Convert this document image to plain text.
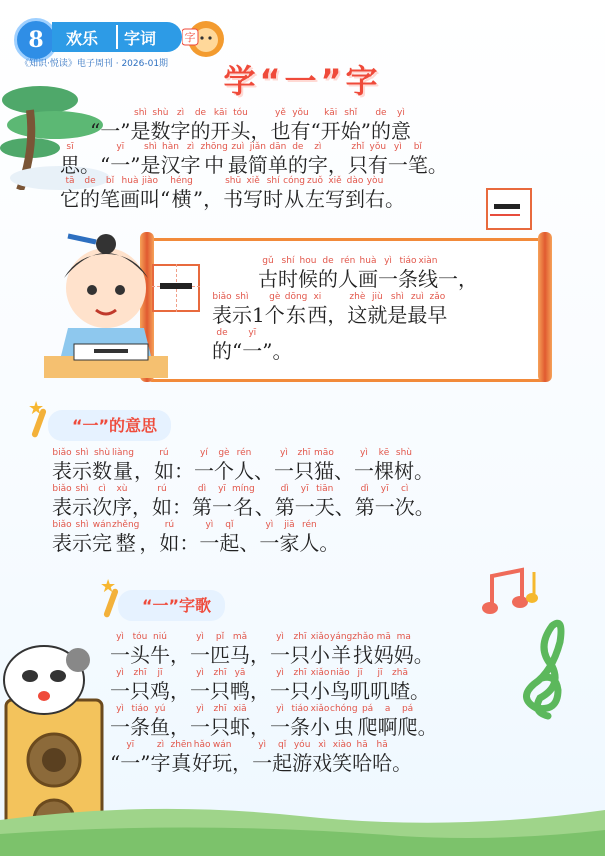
8	欢乐 字词	字
《知识·悦读》电子周刊 · 2026-01期	学“一”字
“ 一 ”
shì
是
shù
数
zì
字
de
的
kāi
开
tóu
头 ，
yě
也
yǒu
有 “
kāi
开
shǐ
始 ”
de
的
yì
意
sī
思 。 “
yī
一 ”
shì
是
hàn
汉
zì
字
zhōng
中
zuì
最
jiǎn
简
dān
单
de
的
zì
字 ，
zhǐ
只
yǒu
有
yì
一
bǐ
笔 。
tā
它
de
的
bǐ
笔
huà
画
jiào
叫 “
héng
横 ” ，
shū
书
xiě
写
shí
时
cóng
从
zuǒ
左
xiě
写
dào
到
yòu
右 。
gǔ
古
shí
时
hou
候
de
的
rén
人
huà
画
yì
一
tiáo
条
xiàn
线 一 ，
biǎo
表
shì
示 1
gè
个
dōng
东
xi
西 ，
zhè
这
jiù
就
shì
是
zuì
最
zǎo
早
de
的 “
yī
一 ” 。
★
“一”的意思
biǎo
表
shì
示
shù
数
liàng
量 ，
rú
如 ：
yí
一
gè
个
rén
人 、
yì
一
zhī
只
māo
猫 、
yì
一
kē
棵
shù
树 。
biǎo
表
shì
示
cì
次
xù
序 ，
rú
如 ：
dì
第
yī
一
míng
名 、
dì
第
yī
一
tiān
天 、
dì
第
yī
一
cì
次 。
biǎo
表
shì
示
wán
完
zhěng
整 ，
rú
如 ：
yì
一
qǐ
起 、
yì
一
jiā
家
rén
人 。
★
“一”字歌
yì
一
tóu
头
niú
牛 ，
yì
一
pǐ
匹
mǎ
马 ，
yì
一
zhī
只
xiǎo
小
yáng
羊
zhǎo
找
mā
妈
ma
妈 。
yì
一
zhī
只
jī
鸡 ，
yì
一
zhī
只
yā
鸭 ，
yì
一
zhī
只
xiǎo
小
niǎo
鸟
jī
叽
jī
叽
zhā
喳 。
yì
一
tiáo
条
yú
鱼 ，
yì
一
zhī
只
xiā
虾 ，
yì
一
tiáo
条
xiǎo
小
chóng
虫
pá
爬
a
啊
pá
爬 。
“
yī
一 ”
zì
字
zhēn
真
hǎo
好
wán
玩 ，
yì
一
qǐ
起
yóu
游
xì
戏
xiào
笑
hā
哈
hā
哈 。
